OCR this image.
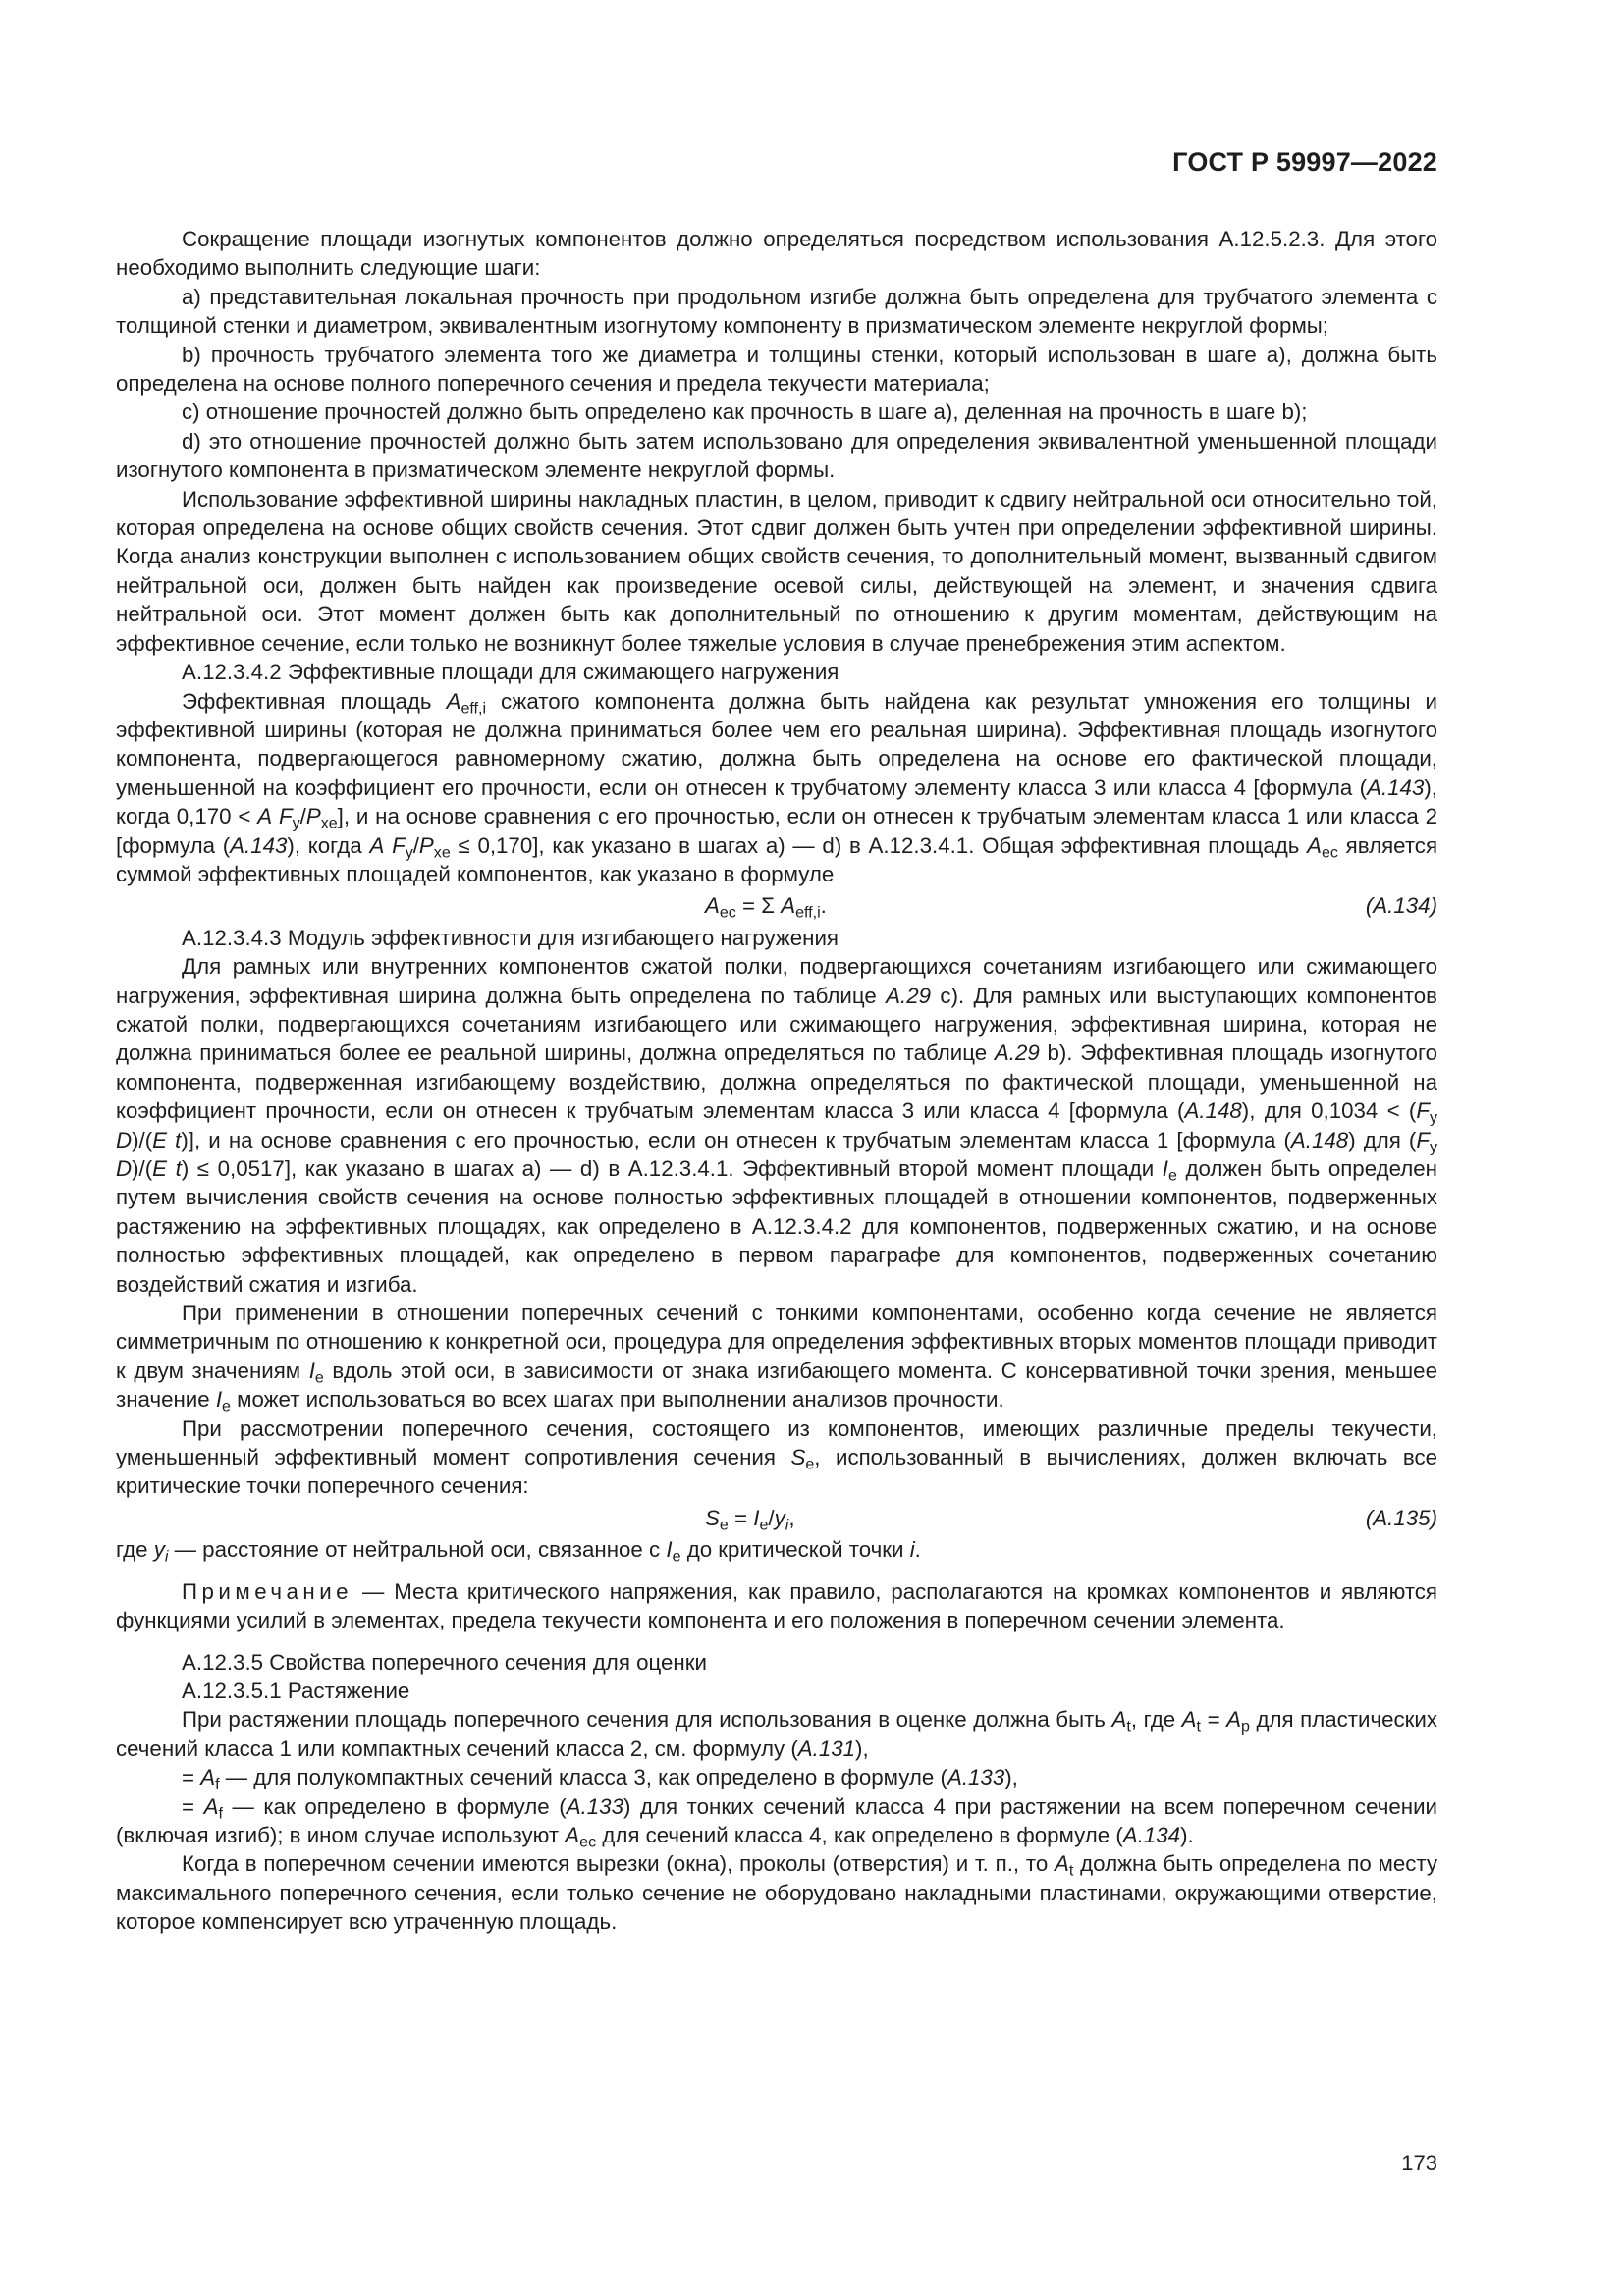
ГОСТ Р 59997—2022

Сокращение площади изогнутых компонентов должно определяться посредством использования А.12.5.2.3. Для этого необходимо выполнить следующие шаги:

а) представительная локальная прочность при продольном изгибе должна быть определена для трубчатого элемента с толщиной стенки и диаметром, эквивалентным изогнутому компоненту в призматическом элементе некруглой формы;

b) прочность трубчатого элемента того же диаметра и толщины стенки, который использован в шаге а), должна быть определена на основе полного поперечного сечения и предела текучести материала;

с) отношение прочностей должно быть определено как прочность в шаге а), деленная на прочность в шаге b);

d) это отношение прочностей должно быть затем использовано для определения эквивалентной уменьшенной площади изогнутого компонента в призматическом элементе некруглой формы.

Использование эффективной ширины накладных пластин, в целом, приводит к сдвигу нейтральной оси относительно той, которая определена на основе общих свойств сечения. Этот сдвиг должен быть учтен при определении эффективной ширины. Когда анализ конструкции выполнен с использованием общих свойств сечения, то дополнительный момент, вызванный сдвигом нейтральной оси, должен быть найден как произведение осевой силы, действующей на элемент, и значения сдвига нейтральной оси. Этот момент должен быть как дополнительный по отношению к другим моментам, действующим на эффективное сечение, если только не возникнут более тяжелые условия в случае пренебрежения этим аспектом.

А.12.3.4.2 Эффективные площади для сжимающего нагружения

Эффективная площадь $A_{eff,i}$ сжатого компонента должна быть найдена как результат умножения его толщины и эффективной ширины (которая не должна приниматься более чем его реальная ширина). Эффективная площадь изогнутого компонента, подвергающегося равномерному сжатию, должна быть определена на основе его фактической площади, уменьшенной на коэффициент его прочности, если он отнесен к трубчатому элементу класса 3 или класса 4 [формула (A.143), когда 0,170 < A $F_y/P_{xe}$], и на основе сравнения с его прочностью, если он отнесен к трубчатым элементам класса 1 или класса 2 [формула (A.143), когда A $F_y/P_{xe} \le 0,170$], как указано в шагах а) — d) в А.12.3.4.1. Общая эффективная площадь $A_{ec}$ является суммой эффективных площадей компонентов, как указано в формуле

$A_{ec} = \Sigma$ $A_{eff,i}$.	(A.134)

А.12.3.4.3 Модуль эффективности для изгибающего нагружения

Для рамных или внутренних компонентов сжатой полки, подвергающихся сочетаниям изгибающего или сжимающего нагружения, эффективная ширина должна быть определена по таблице A.29 с). Для рамных или выступающих компонентов сжатой полки, подвергающихся сочетаниям изгибающего или сжимающего нагружения, эффективная ширина, которая не должна приниматься более ее реальной ширины, должна определяться по таблице A.29 b). Эффективная площадь изогнутого компонента, подверженная изгибающему воздействию, должна определяться по фактической площади, уменьшенной на коэффициент прочности, если он отнесен к трубчатым элементам класса 3 или класса 4 [формула (A.148), для $0,1034 < (F_y$ D)/(E t)], и на основе сравнения с его прочностью, если он отнесен к трубчатым элементам класса 1 [формула (A.148) для ($F_y$ D)/(E t) ≤ 0,0517], как указано в шагах а) — d) в А.12.3.4.1. Эффективный второй момент площади $I_e$ должен быть определен путем вычисления свойств сечения на основе полностью эффективных площадей в отношении компонентов, подверженных растяжению на эффективных площадях, как определено в А.12.3.4.2 для компонентов, подверженных сжатию, и на основе полностью эффективных площадей, как определено в первом параграфе для компонентов, подверженных сочетанию воздействий сжатия и изгиба.

При применении в отношении поперечных сечений с тонкими компонентами, особенно когда сечение не является симметричным по отношению к конкретной оси, процедура для определения эффективных вторых моментов площади приводит к двум значениям $I_e$ вдоль этой оси, в зависимости от знака изгибающего момента. С консервативной точки зрения, меньшее значение $I_e$ может использоваться во всех шагах при выполнении анализов прочности.

При рассмотрении поперечного сечения, состоящего из компонентов, имеющих различные пределы текучести, уменьшенный эффективный момент сопротивления сечения $S_e$, использованный в вычислениях, должен включать все критические точки поперечного сечения:

$S_e = I_e/y_i$,	(A.135)

где $y_i$ — расстояние от нейтральной оси, связанное с $I_e$ до критической точки i.

Примечание — Места критического напряжения, как правило, располагаются на кромках компонентов и являются функциями усилий в элементах, предела текучести компонента и его положения в поперечном сечении элемента.

А.12.3.5 Свойства поперечного сечения для оценки

А.12.3.5.1 Растяжение

При растяжении площадь поперечного сечения для использования в оценке должна быть $A_t$, где $A_t = A_p$ для пластических сечений класса 1 или компактных сечений класса 2, см. формулу (A.131),

= $A_f$ — для полукомпактных сечений класса 3, как определено в формуле (A.133),

= $A_f$ — как определено в формуле (A.133) для тонких сечений класса 4 при растяжении на всем поперечном сечении (включая изгиб); в ином случае используют $A_{ec}$ для сечений класса 4, как определено в формуле (A.134).

Когда в поперечном сечении имеются вырезки (окна), проколы (отверстия) и т. п., то $A_t$ должна быть определена по месту максимального поперечного сечения, если только сечение не оборудовано накладными пластинами, окружающими отверстие, которое компенсирует всю утраченную площадь.

173
